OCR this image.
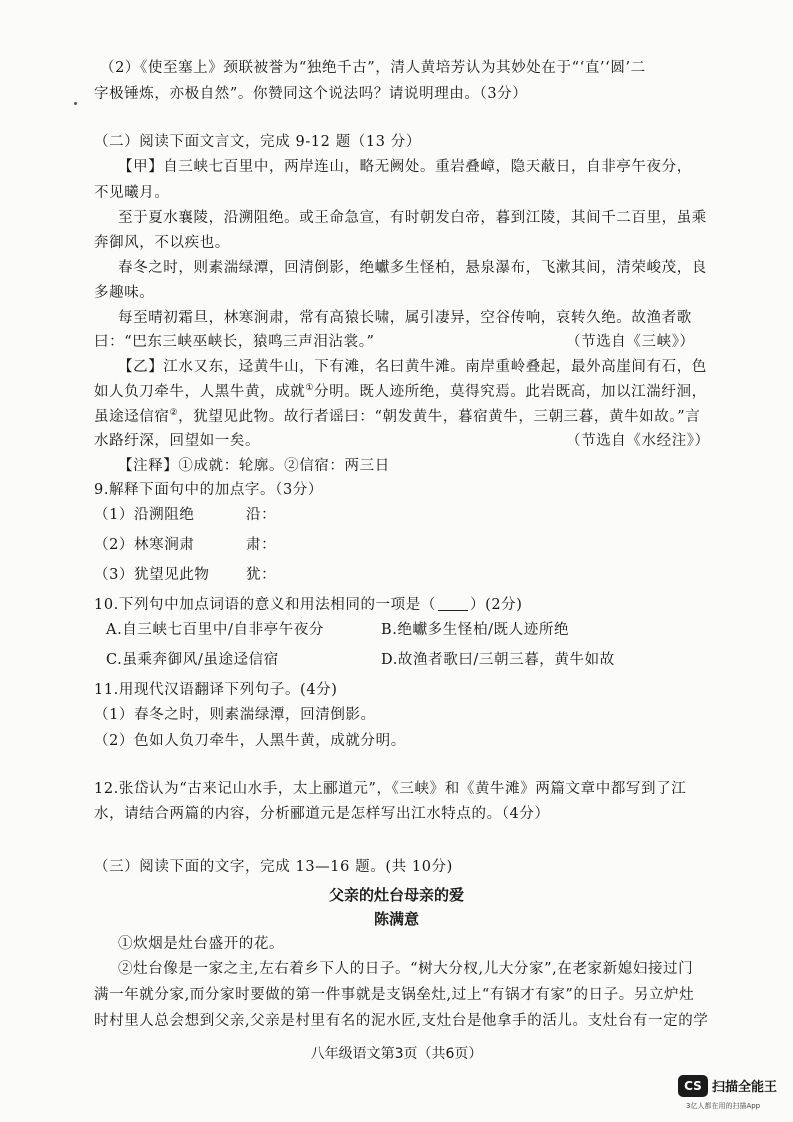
（2）《使至塞上》颈联被誉为“独绝千古”，清人黄培芳认为其妙处在于“‘直’‘圆’二
字极锤炼，亦极自然”。你赞同这个说法吗？请说明理由。（3分）
（二）阅读下面文言文，完成 9-12 题（13 分）
【甲】自三峡七百里中，两岸连山，略无阙处。重岩叠嶂，隐天蔽日，自非亭午夜分，
不见曦月。
至于夏水襄陵，沿溯阻绝。或王命急宣，有时朝发白帝，暮到江陵，其间千二百里，虽乘
奔御风，不以疾也。
春冬之时，则素湍绿潭，回清倒影，绝巘多生怪柏，悬泉瀑布，飞漱其间，清荣峻茂，良
多趣味。
每至晴初霜旦，林寒涧肃，常有高猿长啸，属引凄异，空谷传响，哀转久绝。故渔者歌
曰：“巴东三峡巫峡长，猿鸣三声泪沾裳。”	（节选自《三峡》）
【乙】江水又东，迳黄牛山，下有滩，名曰黄牛滩。南岸重岭叠起，最外高崖间有石，色
如人负刀牵牛，人黑牛黄，成就①分明。既人迹所绝，莫得究焉。此岩既高，加以江湍纡洄，
虽途迳信宿②，犹望见此物。故行者谣曰：“朝发黄牛，暮宿黄牛，三朝三暮，黄牛如故。”言
水路纡深，回望如一矣。	（节选自《水经注》）
【注释】①成就：轮廓。②信宿：两三日
9.解释下面句中的加点字。（3分）
（1）沿溯阻绝	沿：
（2）林寒涧肃	肃：
（3）犹望见此物	犹：
10.下列句中加点词语的意义和用法相同的一项是（ ）(2分)
A.自三峡七百里中/自非亭午夜分	B.绝巘多生怪柏/既人迹所绝
C.虽乘奔御风/虽途迳信宿	D.故渔者歌曰/三朝三暮，黄牛如故
11.用现代汉语翻译下列句子。(4分)
（1）春冬之时，则素湍绿潭，回清倒影。
（2）色如人负刀牵牛，人黑牛黄，成就分明。
12.张岱认为“古来记山水手，太上郦道元”，《三峡》和《黄牛滩》两篇文章中都写到了江
水，请结合两篇的内容，分析郦道元是怎样写出江水特点的。（4分）
（三）阅读下面的文字，完成 13—16 题。(共 10分)
父亲的灶台母亲的爱
陈满意
①炊烟是灶台盛开的花。
②灶台像是一家之主,左右着乡下人的日子。“树大分杈,儿大分家”,在老家新媳妇接过门
满一年就分家,而分家时要做的第一件事就是支锅垒灶,过上“有锅才有家”的日子。另立炉灶
时村里人总会想到父亲,父亲是村里有名的泥水匠,支灶台是他拿手的活儿。支灶台有一定的学
八年级语文第3页（共6页）
CS 扫描全能王
3亿人都在用的扫描App
